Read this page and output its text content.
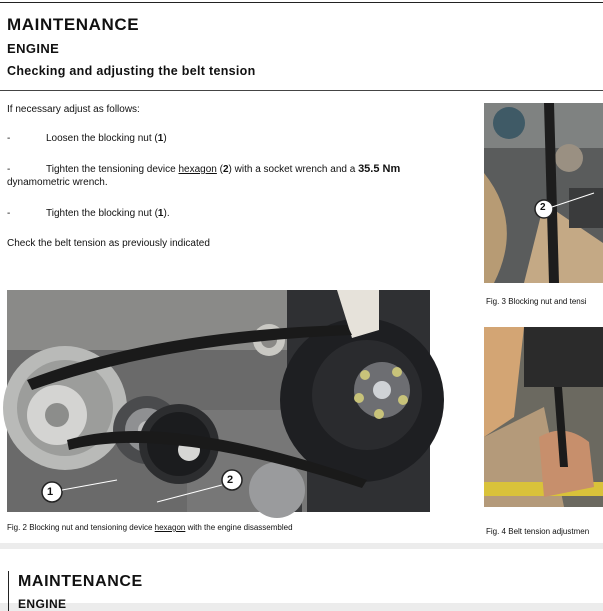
MAINTENANCE
ENGINE
Checking and adjusting the belt tension
If necessary adjust as follows:
-	Loosen the blocking nut (1)
-	Tighten the tensioning device hexagon (2) with a socket wrench and a 35.5 Nm
dynamometric wrench.
-	Tighten the blocking nut (1).
Check the belt tension as previously indicated
1
2
Fig. 2 Blocking nut and tensioning device hexagon with the engine disassembled
2
Fig. 3 Blocking nut and tensi
Fig. 4 Belt tension adjustmen
MAINTENANCE
ENGINE
